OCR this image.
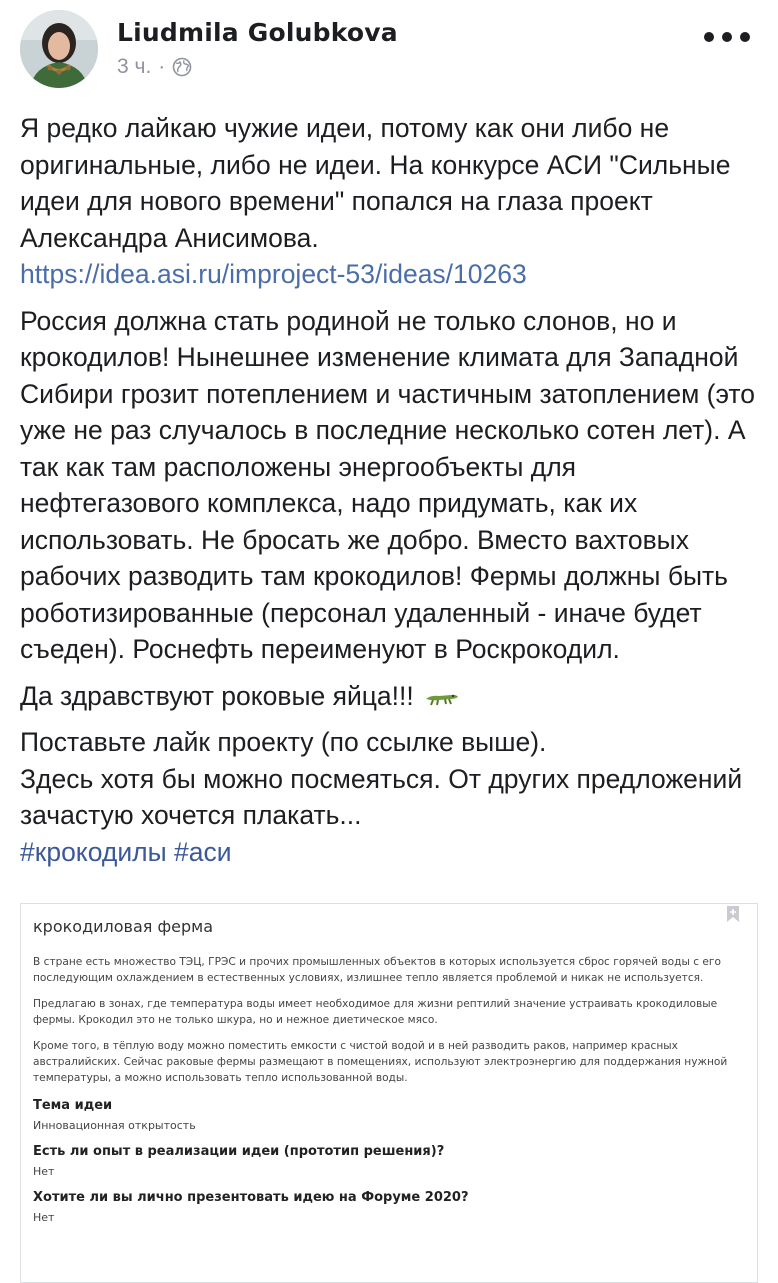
Liudmila Golubkova
3 ч. ·

Я редко лайкаю чужие идеи, потому как они либо не оригинальные, либо не идеи. На конкурсе АСИ "Сильные идеи для нового времени" попался на глаза проект Александра Анисимова.
https://idea.asi.ru/improject-53/ideas/10263

Россия должна стать родиной не только слонов, но и крокодилов! Нынешнее изменение климата для Западной Сибири грозит потеплением и частичным затоплением (это уже не раз случалось в последние несколько сотен лет). А так как там расположены энергообъекты для нефтегазового комплекса, надо придумать, как их использовать. Не бросать же добро. Вместо вахтовых рабочих разводить там крокодилов! Фермы должны быть роботизированные (персонал удаленный - иначе будет съеден). Роснефть переименуют в Роскрокодил.

Да здравствуют роковые яйца!!!

Поставьте лайк проекту (по ссылке выше).
Здесь хотя бы можно посмеяться. От других предложений зачастую хочется плакать...
#крокодилы #аси

крокодиловая ферма

В стране есть множество ТЭЦ, ГРЭС и прочих промышленных объектов в которых используется сброс горячей воды с его последующим охлаждением в естественных условиях, излишнее тепло является проблемой и никак не используется.

Предлагаю в зонах, где температура воды имеет необходимое для жизни рептилий значение устраивать крокодиловые фермы. Крокодил это не только шкура, но и нежное диетическое мясо.

Кроме того, в тёплую воду можно поместить емкости с чистой водой и в ней разводить раков, например красных австралийских. Сейчас раковые фермы размещают в помещениях, используют электроэнергию для поддержания нужной температуры, а можно использовать тепло использованной воды.

Тема идеи
Инновационная открытость
Есть ли опыт в реализации идеи (прототип решения)?
Нет
Хотите ли вы лично презентовать идею на Форуме 2020?
Нет
